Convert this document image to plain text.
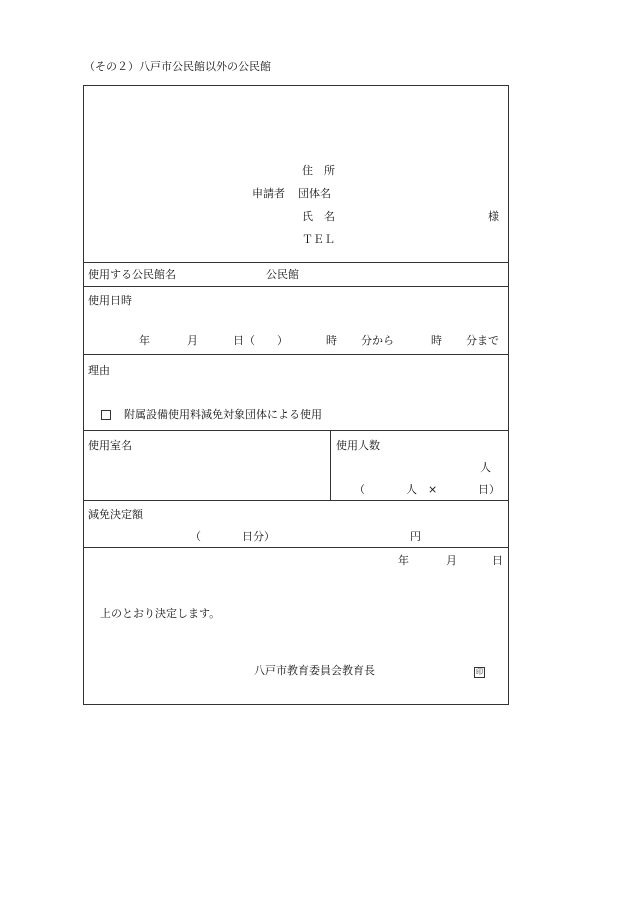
（その２）八戸市公民館以外の公民館
住　所
申請者 団体名
氏　名	様
ＴＥＬ
使用する公民館名	公民館
使用日時
年	月	日（ ）	時 分から	時 分まで
理由
附属設備使用料減免対象団体による使用
使用室名	使用人数
人
（	人　×	日）
減免決定額
（	日分）	円
年	月	日
上のとおり決定します。
八戸市教育委員会教育長	印
